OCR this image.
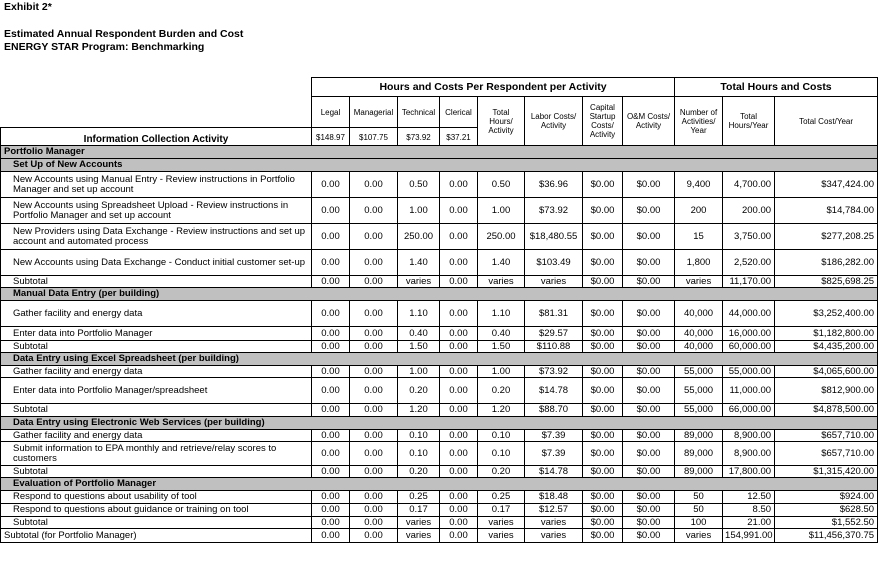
Exhibit 2*
Estimated Annual Respondent Burden and Cost
ENERGY STAR Program: Benchmarking
	Hours and Costs Per Respondent per Activity								Total Hours and Costs		
	Legal	Managerial	Technical	Clerical	Total Hours/ Activity	Labor Costs/ Activity	Capital Startup Costs/ Activity	O&M Costs/ Activity	Number of Activities/ Year	Total Hours/Year	Total Cost/Year
Information Collection Activity	$148.97	$107.75	$73.92	$37.21							
Portfolio Manager											
Set Up of New Accounts											
New Accounts using Manual Entry - Review instructions in Portfolio Manager and set up account	0.00	0.00	0.50	0.00	0.50	$36.96	$0.00	$0.00	9,400	4,700.00	$347,424.00
New Accounts using Spreadsheet Upload - Review instructions in Portfolio Manager and set up account	0.00	0.00	1.00	0.00	1.00	$73.92	$0.00	$0.00	200	200.00	$14,784.00
New Providers using Data Exchange - Review instructions and set up account and automated process	0.00	0.00	250.00	0.00	250.00	$18,480.55	$0.00	$0.00	15	3,750.00	$277,208.25
New Accounts using Data Exchange - Conduct initial customer set-up	0.00	0.00	1.40	0.00	1.40	$103.49	$0.00	$0.00	1,800	2,520.00	$186,282.00
Subtotal	0.00	0.00	varies	0.00	varies	varies	$0.00	$0.00	varies	11,170.00	$825,698.25
Manual Data Entry (per building)											
Gather facility and energy data	0.00	0.00	1.10	0.00	1.10	$81.31	$0.00	$0.00	40,000	44,000.00	$3,252,400.00
Enter data into Portfolio Manager	0.00	0.00	0.40	0.00	0.40	$29.57	$0.00	$0.00	40,000	16,000.00	$1,182,800.00
Subtotal	0.00	0.00	1.50	0.00	1.50	$110.88	$0.00	$0.00	40,000	60,000.00	$4,435,200.00
Data Entry using Excel Spreadsheet (per building)											
Gather facility and energy data	0.00	0.00	1.00	0.00	1.00	$73.92	$0.00	$0.00	55,000	55,000.00	$4,065,600.00
Enter data into Portfolio Manager/spreadsheet	0.00	0.00	0.20	0.00	0.20	$14.78	$0.00	$0.00	55,000	11,000.00	$812,900.00
Subtotal	0.00	0.00	1.20	0.00	1.20	$88.70	$0.00	$0.00	55,000	66,000.00	$4,878,500.00
Data Entry using Electronic Web Services (per building)											
Gather facility and energy data	0.00	0.00	0.10	0.00	0.10	$7.39	$0.00	$0.00	89,000	8,900.00	$657,710.00
Submit information to EPA monthly and retrieve/relay scores to customers	0.00	0.00	0.10	0.00	0.10	$7.39	$0.00	$0.00	89,000	8,900.00	$657,710.00
Subtotal	0.00	0.00	0.20	0.00	0.20	$14.78	$0.00	$0.00	89,000	17,800.00	$1,315,420.00
Evaluation of Portfolio Manager											
Respond to questions about usability of tool	0.00	0.00	0.25	0.00	0.25	$18.48	$0.00	$0.00	50	12.50	$924.00
Respond to questions about guidance or training on tool	0.00	0.00	0.17	0.00	0.17	$12.57	$0.00	$0.00	50	8.50	$628.50
Subtotal	0.00	0.00	varies	0.00	varies	varies	$0.00	$0.00	100	21.00	$1,552.50
Subtotal (for Portfolio Manager)	0.00	0.00	varies	0.00	varies	varies	$0.00	$0.00	varies	154,991.00	$11,456,370.75
